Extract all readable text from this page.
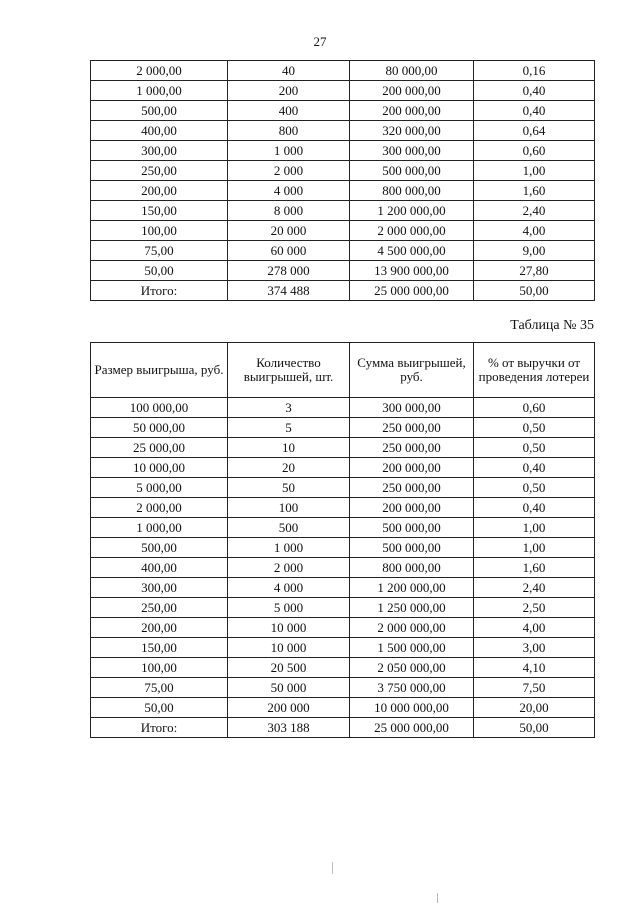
27
2 000,00	40	80 000,00	0,16
1 000,00	200	200 000,00	0,40
500,00	400	200 000,00	0,40
400,00	800	320 000,00	0,64
300,00	1 000	300 000,00	0,60
250,00	2 000	500 000,00	1,00
200,00	4 000	800 000,00	1,60
150,00	8 000	1 200 000,00	2,40
100,00	20 000	2 000 000,00	4,00
75,00	60 000	4 500 000,00	9,00
50,00	278 000	13 900 000,00	27,80
Итого:	374 488	25 000 000,00	50,00
Таблица № 35
Размер выигрыша, руб.	Количество выигрышей, шт.	Сумма выигрышей, руб.	% от выручки от проведения лотереи
100 000,00	3	300 000,00	0,60
50 000,00	5	250 000,00	0,50
25 000,00	10	250 000,00	0,50
10 000,00	20	200 000,00	0,40
5 000,00	50	250 000,00	0,50
2 000,00	100	200 000,00	0,40
1 000,00	500	500 000,00	1,00
500,00	1 000	500 000,00	1,00
400,00	2 000	800 000,00	1,60
300,00	4 000	1 200 000,00	2,40
250,00	5 000	1 250 000,00	2,50
200,00	10 000	2 000 000,00	4,00
150,00	10 000	1 500 000,00	3,00
100,00	20 500	2 050 000,00	4,10
75,00	50 000	3 750 000,00	7,50
50,00	200 000	10 000 000,00	20,00
Итого:	303 188	25 000 000,00	50,00
